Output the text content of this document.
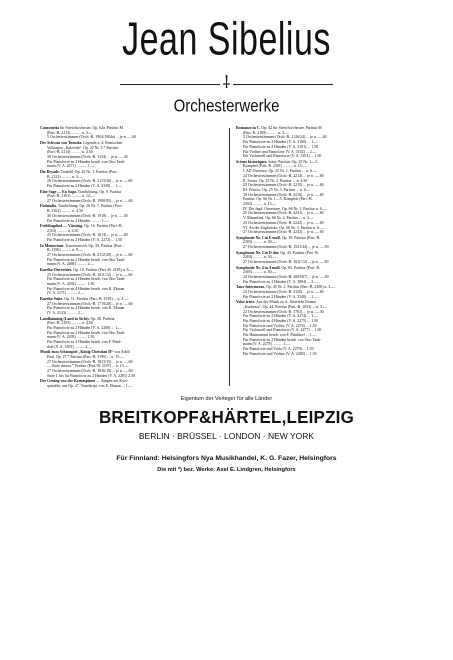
Jean Sibelius
⸸
Orchesterwerke
Canzonetta für Streichorchester. Op. 62a. Partitur M
(Part.-B. 2113) .......... n. 3.—
5 Orchesterstimmen (Orch.-B. 1904/1904a) ... je n. —.60
Der Schwan von Tuonela. Legende a. d. Finnischen
Volksepos „Kalevala“. Op. 22 Nr. 3.* Partitur
(Part.-B. 2114) .......... n. 4.50
30 Orchesterstimmen (Orch.-B. 1334) ... je n. —.30
Für Pianoforte zu 2 Händen bearb. von Otto Taub-
mann (V. A. 2271) .......... 1.—
Die Dryade. Tonbild. Op. 45 Nr. 1. Partitur (Part.-
B. 2123) .......... n. 3.—
26 Orchesterstimmen (Orch.-B. 2113/26) ... je n. —.60
Für Pianoforte zu 2 Händen (V. A. 3339) ... 1.—
Eine Sage — En Saga. Tondichtung. Op. 9. Partitur
(Part.-B. 2161) .......... n. 12.—
27 Orchesterstimmen (Orch.-B. 1990/95) ... je n. —.60
Finlandia. Tondichtung. Op. 26 Nr. 7. Partitur (Part.-
B. 2162) .......... n. 4.50
30 Orchesterstimmen (Orch.-B. 1918) ... je n. —.30
Für Pianoforte zu 2 Händen .......... 1.—
Frühlingslied — Vårsång. Op. 16. Partitur (Part.-B.
2163) .......... n. 4.50
25 Orchesterstimmen (Orch.-B. 1613) ... je n. —.60
Für Pianoforte zu 2 Händen (V. A. 2272) ... 1.50
In Memoriam. Trauermarsch. Op. 59. Partitur (Part.-
B. 2190) .......... n. 9.—
27 Orchesterstimmen (Orch.-B. 2112/28) ... je n. —.60
Für Pianoforte zu 2 Händen bearb. von Otto Taub-
mann (V. A. 2466) .......... 2.—
Karelia-Ouvertüre. Op. 10. Partitur (Part.-B. 2185) n. 6.—
25 Orchesterstimmen (Orch.-B. 1811/12) ... je n. —.60
Für Pianoforte zu 2 Händen bearb. von Otto Taub-
mann (V. A. 2292) .......... 1.50
Für Pianoforte zu 4 Händen bearb. von K. Ekman
(V. A. 2171) .......... 2.—
Karelia-Suite. Op. 11. Partitur (Part.-B. 1918) ... n. 4.—
27 Orchesterstimmen (Orch.-B. 1719/20) ... je n. —.60
Für Pianoforte zu 4 Händen bearb. von K. Ekman
(V. A. 2143) .......... 2.—
Landkänning (Land in Sicht). Op. 20. Partitur
(Part.-B. 2195) .......... n. 4.50
Für Pianoforte zu 2 Händen (V. A. 2200) ... 1.—
Für Pianoforte zu 2 Händen bearb. von Otto Taub-
mann (V. A. 2295) .......... 1.50
Für Pianoforte zu 4 Händen bearb. von F. Plaid-
dorf (V. A. 3109) .......... 2.—
Musik zum Schauspiel „König Christian II“ von Adolf
Paul. Op. 27.* Partitur (Part.-B. 2196) ... n. 15.—
27 Orchesterstimmen (Orch.-B. 1813/15) ... je n. —.60
— Suite daraus.* Partitur (Part.-B. 2197) ... n. 15.—
27 Orchesterstimmen (Orch.-B. 1816/18) ... je n. —.60
Suite I. bis für Pianoforte zu 2 Händen (V. A. 2281) 2.50
Der Gesang von der Kreuzspinne — Sången om Kors-
spindeln, aus Op. 27. Transkript. von E. Ekman ... 1.—
Romanze in C. Op. 42 für Streichorchester. Partitur M
(Part.-B. 2199) .......... n. 3.—
5 Orchesterstimmen (Orch.-B. 2126/24) ... je n. —.60
Für Pianoforte zu 2 Händen (V. A. 3100) ... 1.—
Für Pianoforte zu 4 Händen (V. A. 3101) ... 1.50
Für Violine und Pianoforte (V. A. 3102) ... 2.—
Für Violoncell und Pianoforte (V. A. 3103) ... 1.50
Scènes historiques. Suite. Partitur. Op. 25 Nr. 1—3.
Komplett (Part.-B. 2301) .......... n. 15.—
I. All' Overtura. Op. 25 Nr. 1. Partitur ... n. 6.—
24 Orchesterstimmen (Orch.-B. 2214) ... je n. —.60
II. Scena. Op. 25 Nr. 2. Partitur ... n. 4.50
25 Orchesterstimmen (Orch.-B. 2215) ... je n. —.60
III. Festivo. Op. 25 Nr. 3. Partitur ... n. 6.—
30 Orchesterstimmen (Orch.-B. 2216) ... je n. —.60
Partitur. Op. 66 Nr. 1—3. Komplett (Part.-B.
2302) .......... n. 15.—
IV. Die Jagd. Ouverture. Op. 66 Nr. 1. Partitur n. 6.—
25 Orchesterstimmen (Orch.-B. 2241) ... je n. —.60
V. Minnelied. Op. 66 Nr. 2. Partitur ... n. 3.—
25 Orchesterstimmen (Orch.-B. 2242) ... je n. —.60
VI. An der Zugbrücke. Op. 66 Nr. 3. Partitur n. 6.—
27 Orchesterstimmen (Orch.-B. 2243) ... je n. —.60
Symphonie Nr. 1 in E moll. Op. 39. Partitur (Part.-B.
2303) .......... n. 30.—
27 Orchesterstimmen (Orch.-B. 1541/44) ... je n. —.90
Symphonie Nr. 2 in D dur. Op. 43. Partitur (Part.-B.
2304) .......... n. 30.—
27 Orchesterstimmen (Orch.-B. 1611/12) ... je n. —.90
Symphonie Nr. 4 in A moll. Op. 63. Partitur (Part.-B.
2305) .......... n. 30.—
24 Orchesterstimmen (Orch.-B. 2063/67) ... je n. —.90
Für Pianoforte zu 2 Händen (V. A. 3804) ... 3.—
Tanz-Intermezzo. Op. 45 Nr. 2. Partitur (Part.-B. 2306) n. 3.—
24 Orchesterstimmen (Orch.-B. 2120) ... je n. —.60
Für Pianoforte zu 2 Händen (V. A. 3340) ... 1.—
Valse triste. Aus der Musik zu A. Järnefelts Drama
„Kuolema“. Op. 44. Partitur (Part.-B. 1833) ... n. 3.—
22 Orchesterstimmen (Orch.-B. 1763) ... je n. —.30
Für Pianoforte zu 2 Händen (V. A. 2274) ... 1.—
Für Pianoforte zu 4 Händen (V. A. 2275) ... 1.50
Für Pianoforte und Violine (V. A. 2276) ... 1.50
Für Violoncell und Pianoforte (V. A. 2277) ... 1.50
Für Harmonium bearb. von F. Plaiddorf ... 1.—
Für Pianoforte zu 2 Händen bearb. von Otto Taub-
mann (V. A. 2278) .......... 1.—
Für Pianoforte und Viola (V. A. 2279) ... 1.50
Für Pianoforte und Violine (V. A. 2280) ... 1.50
Eigentum der Verleger für alle Länder
BREITKOPF&HÄRTEL,LEIPZIG
BERLIN · BRÜSSEL · LONDON · NEW YORK
Für Finnland: Helsingfors Nya Musikhandel, K. G. Fazer, Helsingfors
Die mit *) bez. Werke: Axel E. Lindgren, Helsingfors
